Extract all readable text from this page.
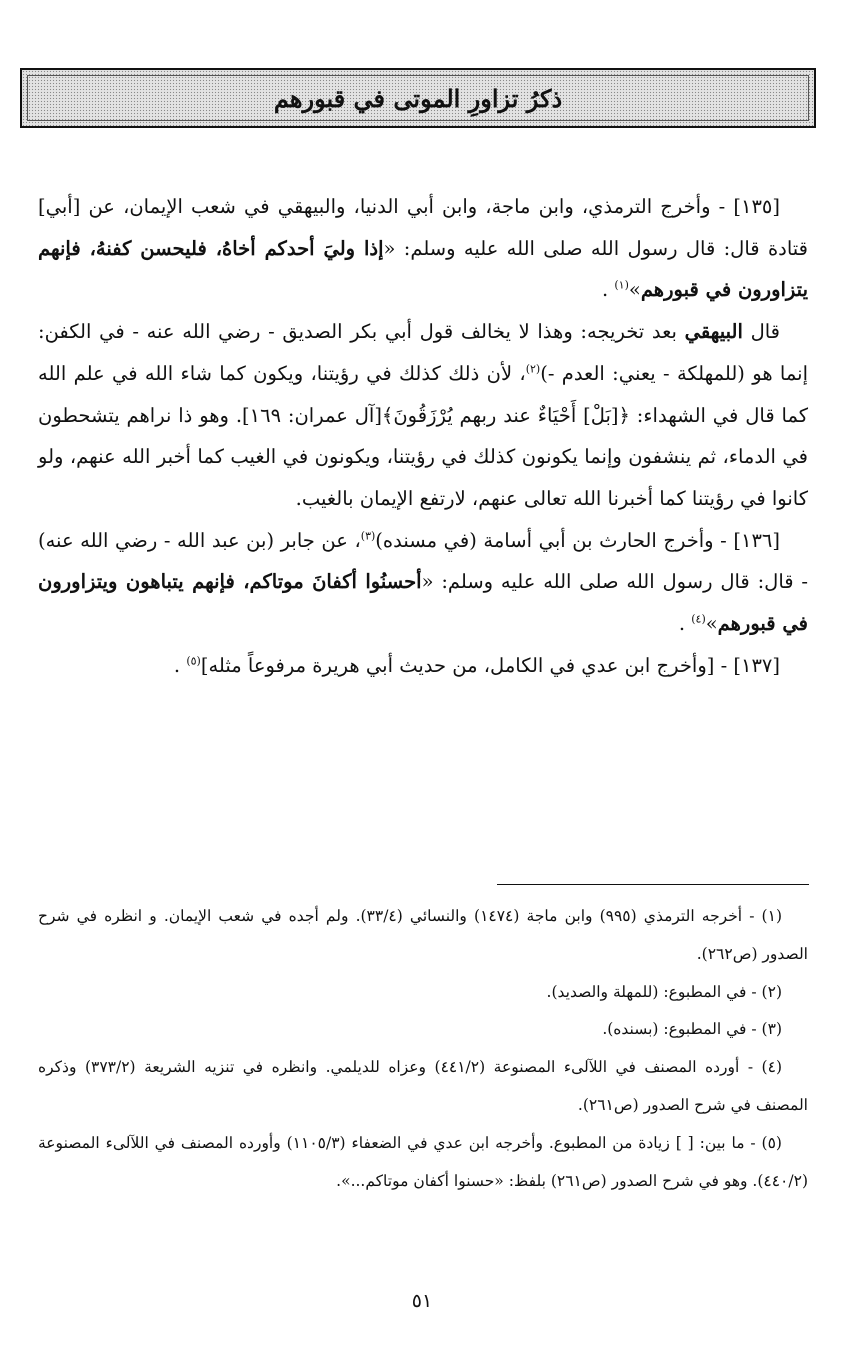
ذكرُ تزاورِ الموتى في قبورهم

[١٣٥] - وأخرج الترمذي، وابن ماجة، وابن أبي الدنيا، والبيهقي في شعب الإيمان، عن [أبي] قتادة قال: قال رسول الله صلى الله عليه وسلم: «إذا وليَ أحدكم أخاهُ، فليحسن كفنهُ، فإنهم يتزاورون في قبورهم»$^{(١)}$ .

قال البيهقي بعد تخريجه: وهذا لا يخالف قول أبي بكر الصديق - رضي الله عنه - في الكفن: إنما هو (للمهلكة - يعني: العدم -)$^{(٢)}$، لأن ذلك كذلك في رؤيتنا، ويكون كما شاء الله في علم الله كما قال في الشهداء: ﴿[بَلْ] أَحْيَاءٌ عند ربهم يُرْزَقُونَ﴾[آل عمران: ١٦٩]. وهو ذا نراهم يتشحطون في الدماء، ثم ينشفون وإنما يكونون كذلك في رؤيتنا، ويكونون في الغيب كما أخبر الله عنهم، ولو كانوا في رؤيتنا كما أخبرنا الله تعالى عنهم، لارتفع الإيمان بالغيب.

[١٣٦] - وأخرج الحارث بن أبي أسامة (في مسنده)$^{(٣)}$، عن جابر (بن عبد الله - رضي الله عنه) - قال: قال رسول الله صلى الله عليه وسلم: «أحسنُوا أكفانَ موتاكم، فإنهم يتباهون ويتزاورون في قبورهم»$^{(٤)}$ .

[١٣٧] - [وأخرج ابن عدي في الكامل، من حديث أبي هريرة مرفوعاً مثله]$^{(٥)}$ .

(١) - أخرجه الترمذي (٩٩٥) وابن ماجة (١٤٧٤) والنسائي (٣٣/٤). ولم أجده في شعب الإيمان. و انظره في شرح الصدور (ص٢٦٢).

(٢) - في المطبوع: (للمهلة والصديد).

(٣) - في المطبوع: (بسنده).

(٤) - أورده المصنف في اللآلىء المصنوعة (٤٤١/٢) وعزاه للديلمي. وانظره في تنزيه الشريعة (٣٧٣/٢) وذكره المصنف في شرح الصدور (ص٢٦١).

(٥) - ما بين: [ ] زيادة من المطبوع. وأخرجه ابن عدي في الضعفاء (١١٠٥/٣) وأورده المصنف في اللآلىء المصنوعة (٤٤٠/٢). وهو في شرح الصدور (ص٢٦١) بلفظ: «حسنوا أكفان موتاكم...».

٥١
